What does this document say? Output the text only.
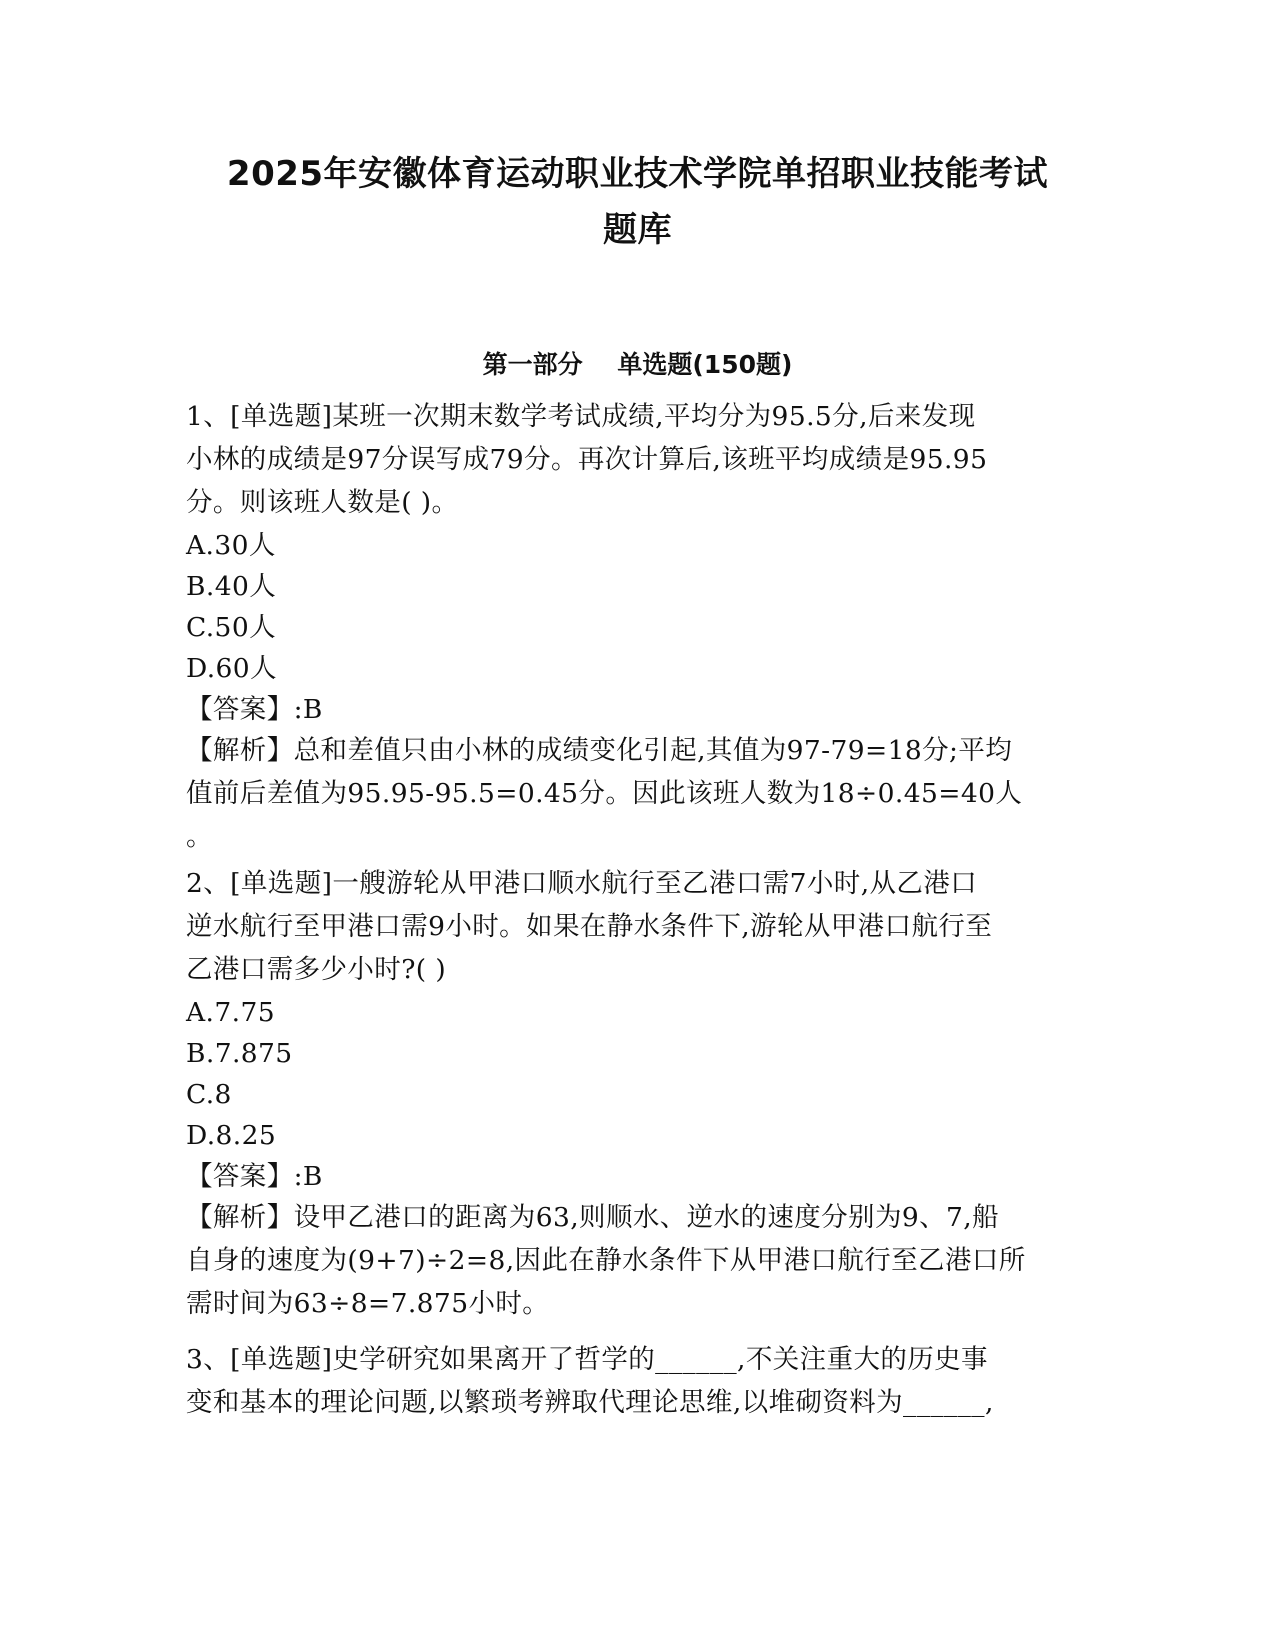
2025年安徽体育运动职业技术学院单招职业技能考试
题库
第一部分    单选题(150题)
1、[单选题]某班一次期末数学考试成绩,平均分为95.5分,后来发现
小林的成绩是97分误写成79分。再次计算后,该班平均成绩是95.95
分。则该班人数是( )。
A.30人
B.40人
C.50人
D.60人
【答案】:B
【解析】总和差值只由小林的成绩变化引起,其值为97-79=18分;平均
值前后差值为95.95-95.5=0.45分。因此该班人数为18÷0.45=40人
。
2、[单选题]一艘游轮从甲港口顺水航行至乙港口需7小时,从乙港口
逆水航行至甲港口需9小时。如果在静水条件下,游轮从甲港口航行至
乙港口需多少小时?( )
A.7.75
B.7.875
C.8
D.8.25
【答案】:B
【解析】设甲乙港口的距离为63,则顺水、逆水的速度分别为9、7,船
自身的速度为(9+7)÷2=8,因此在静水条件下从甲港口航行至乙港口所
需时间为63÷8=7.875小时。
3、[单选题]史学研究如果离开了哲学的______,不关注重大的历史事
变和基本的理论问题,以繁琐考辨取代理论思维,以堆砌资料为______,
